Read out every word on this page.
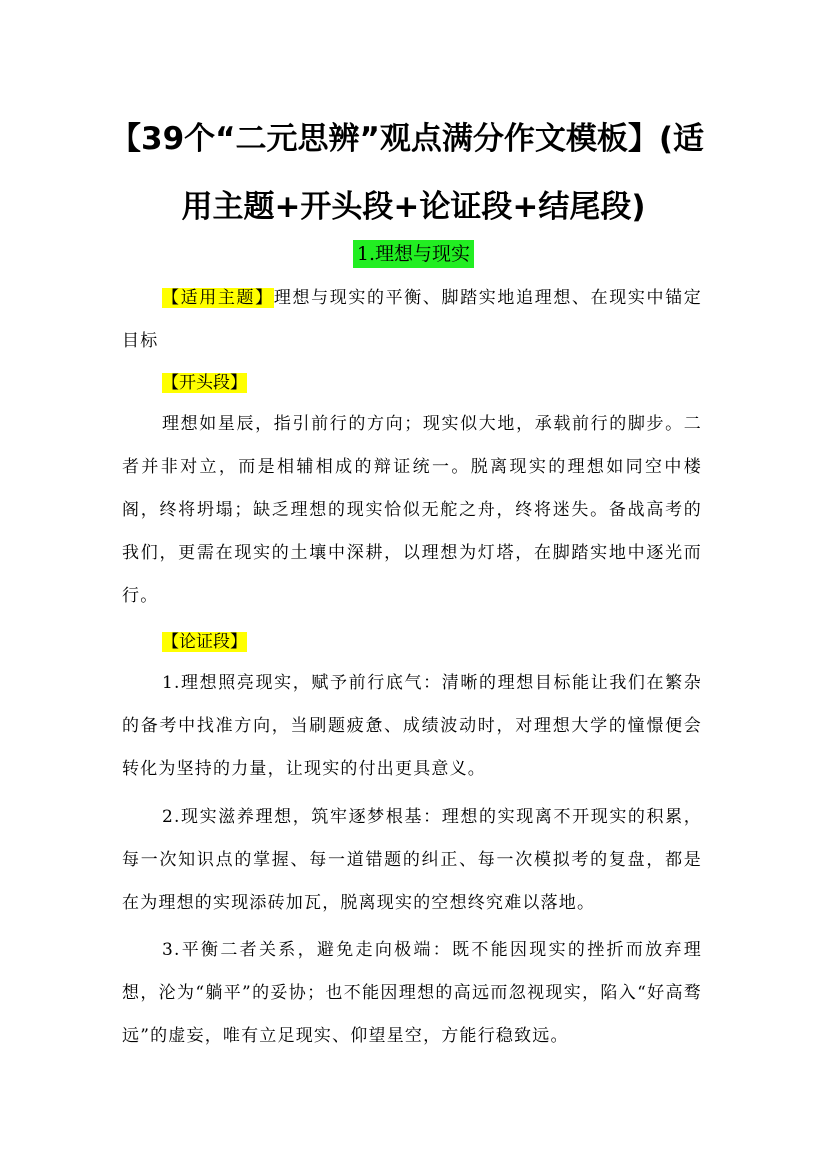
【39个“二元思辨”观点满分作文模板】(适
用主题+开头段+论证段+结尾段)
1.理想与现实
【适用主题】理想与现实的平衡、脚踏实地追理想、在现实中锚定目标
【开头段】
理想如星辰，指引前行的方向；现实似大地，承载前行的脚步。二者并非对立，而是相辅相成的辩证统一。脱离现实的理想如同空中楼阁，终将坍塌；缺乏理想的现实恰似无舵之舟，终将迷失。备战高考的我们，更需在现实的土壤中深耕，以理想为灯塔，在脚踏实地中逐光而行。
【论证段】
1.理想照亮现实，赋予前行底气：清晰的理想目标能让我们在繁杂的备考中找准方向，当刷题疲惫、成绩波动时，对理想大学的憧憬便会转化为坚持的力量，让现实的付出更具意义。
2.现实滋养理想，筑牢逐梦根基：理想的实现离不开现实的积累，每一次知识点的掌握、每一道错题的纠正、每一次模拟考的复盘，都是在为理想的实现添砖加瓦，脱离现实的空想终究难以落地。
3.平衡二者关系，避免走向极端：既不能因现实的挫折而放弃理想，沦为“躺平”的妥协；也不能因理想的高远而忽视现实，陷入“好高骛远”的虚妄，唯有立足现实、仰望星空，方能行稳致远。
